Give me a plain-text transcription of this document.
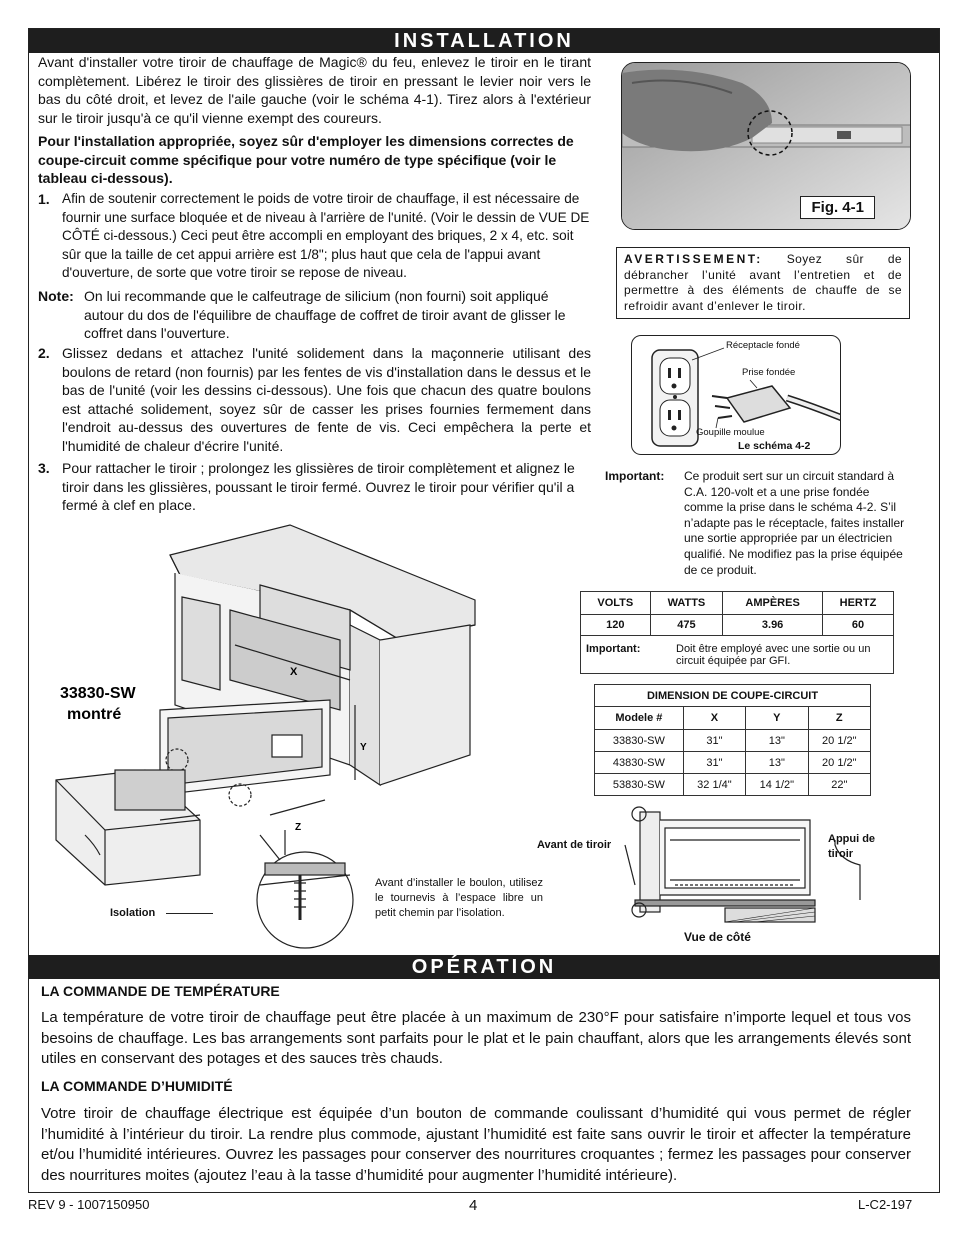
INSTALLATION
OPÉRATION
Avant d'installer votre tiroir de chauffage de Magic® du feu, enlevez le tiroir en le tirant complètement. Libérez le tiroir des glissières de tiroir en pressant le levier noir vers le bas du côté droit, et levez de l'aile gauche (voir le schéma 4-1). Tirez alors à l'extérieur sur le tiroir jusqu'à ce qu'il vienne exempt des coureurs.
Pour l'installation appropriée, soyez sûr d'employer les dimensions correctes de coupe-circuit comme spécifique pour votre numéro de type spécifique (voir le tableau ci-dessous).
1. Afin de soutenir correctement le poids de votre tiroir de chauffage, il est nécessaire de fournir une surface bloquée et de niveau à l'arrière de l'unité. (Voir le dessin de VUE DE CÔTÉ ci-dessous.) Ceci peut être accompli en employant des briques, 2 x 4, etc. soit sûr que la taille de cet appui arrière est 1/8"; plus haut que cela de l'appui avant d'ouverture, de sorte que votre tiroir se repose de niveau.
Note: On lui recommande que le calfeutrage de silicium (non fourni) soit appliqué autour du dos de l'équilibre de chauffage de coffret de tiroir avant de glisser le coffret dans l'ouverture.
2. Glissez dedans et attachez l'unité solidement dans la maçonnerie utilisant des boulons de retard (non fournis) par les fentes de vis d'installation dans le dessus et le bas de l'unité (voir les dessins ci-dessous). Une fois que chacun des quatre boulons est attaché solidement, soyez sûr de casser les prises fournies fermement dans l'endroit au-dessus des ouvertures de fente de vis. Ceci empêchera la perte et l'humidité de chaleur d'écrire l'unité.
3. Pour rattacher le tiroir ; prolongez les glissières de tiroir complètement et alignez le tiroir dans les glissières, poussant le tiroir fermé. Ouvrez le tiroir pour vérifier qu'il a fermé à clef en place.
Fig. 4-1
AVERTISSEMENT: Soyez sûr de débrancher l’unité avant l’entretien et de permettre à des éléments de chauffe de se refroidir avant d’enlever le tiroir.
Réceptacle fondé
Prise fondée
Goupille moulue
Le schéma 4-2
Important: Ce produit sert sur un circuit standard à C.A. 120-volt et a une prise fondée comme la prise dans le schéma 4-2. S’il n’adapte pas le réceptacle, faites installer une sortie appropriée par un électricien qualifié. Ne modifiez pas la prise équipée de ce produit.
VOLTS	WATTS	AMPÈRES	HERTZ
120	475	3.96	60

Important: Doit être employé avec une sortie ou un circuit équipée par GFI.			
DIMENSION DE COUPE-CIRCUIT			
Modele #	X	Y	Z
33830-SW	31"	13"	20 1/2"
43830-SW	31"	13"	20 1/2"
53830-SW	32 1/4"	14 1/2"	22"
33830-SW
montré
X
Y
Z
Isolation
Avant d’installer le boulon, utilisez le tournevis à l’espace libre un petit chemin par l’isolation.
Avant de tiroir	Appui de
tiroir
Vue de côté
LA COMMANDE DE TEMPÉRATURE
La température de votre tiroir de chauffage peut être placée à un maximum de 230°F pour satisfaire n’importe lequel et tous vos besoins de chauffage. Les bas arrangements sont parfaits pour le plat et le pain chauffant, alors que les arrangements élevés sont utiles en conservant des potages et des sauces très chauds.
LA COMMANDE D’HUMIDITÉ
Votre tiroir de chauffage électrique est équipée d’un bouton de commande coulissant d’humidité qui vous permet de régler l’humidité à l’intérieur du tiroir. La rendre plus commode, ajustant l’humidité est faite sans ouvrir le tiroir et affecter la température et/ou l’humidité intérieures. Ouvrez les passages pour conserver des nourritures croquantes ; fermez les passages pour conserver des nourritures moites (ajoutez l’eau à la tasse d’humidité pour augmenter l’humidité intérieure).
REV 9 - 1007150950	4	L-C2-197
